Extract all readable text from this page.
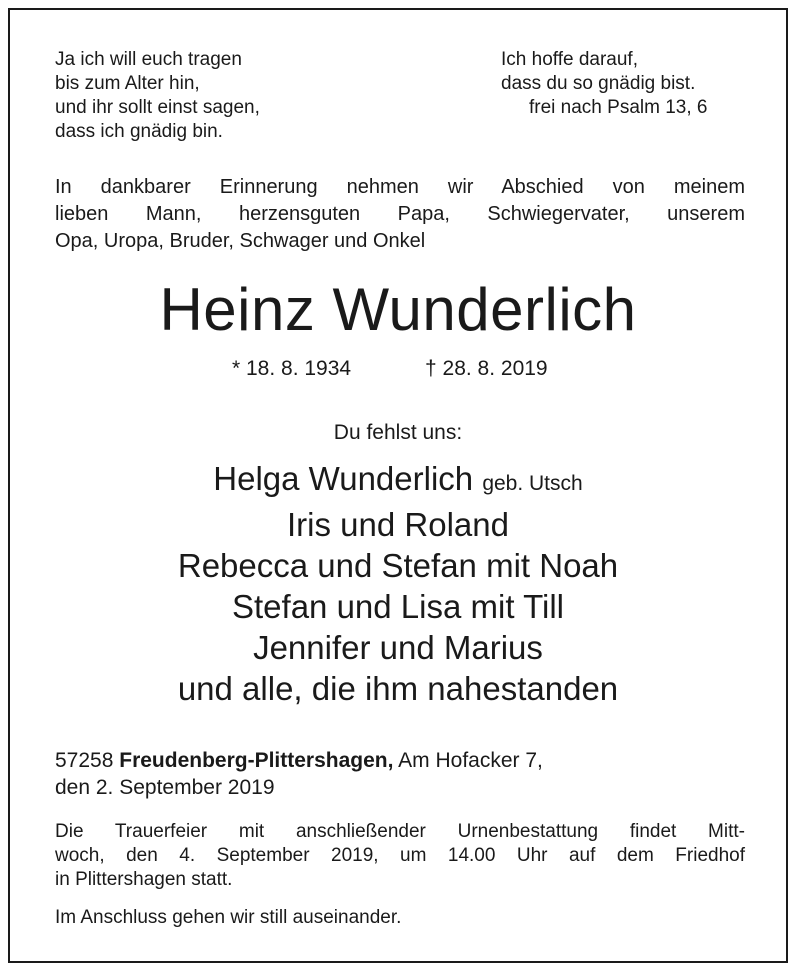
Ja ich will euch tragen
bis zum Alter hin,
und ihr sollt einst sagen,
dass ich gnädig bin.
Ich hoffe darauf,
dass du so gnädig bist.
frei nach Psalm 13, 6
In dankbarer Erinnerung nehmen wir Abschied von meinem
lieben Mann, herzensguten Papa, Schwiegervater, unserem
Opa, Uropa, Bruder, Schwager und Onkel
Heinz Wunderlich
* 18. 8. 1934	† 28. 8. 2019
Du fehlst uns:
Helga Wunderlich geb. Utsch
Iris und Roland
Rebecca und Stefan mit Noah
Stefan und Lisa mit Till
Jennifer und Marius
und alle, die ihm nahestanden
57258 Freudenberg-Plittershagen, Am Hofacker 7,
den 2. September 2019
Die Trauerfeier mit anschließender Urnenbestattung findet Mitt-
woch, den 4. September 2019, um 14.00 Uhr auf dem Friedhof
in Plittershagen statt.
Im Anschluss gehen wir still auseinander.
